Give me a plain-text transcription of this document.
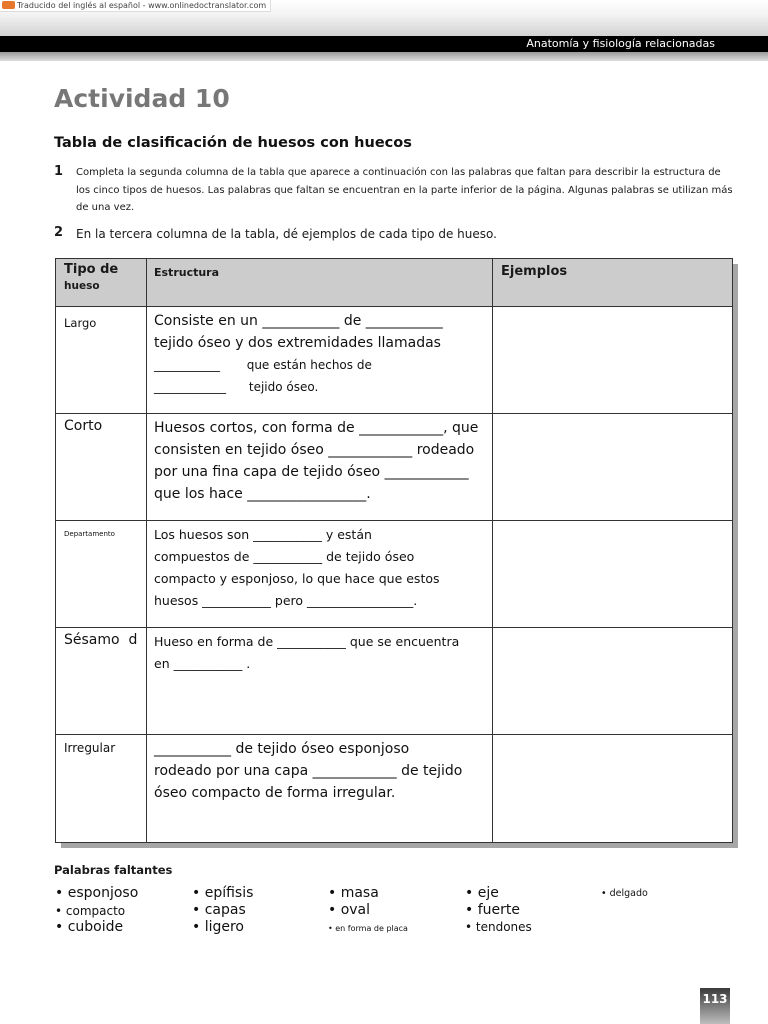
Traducido del inglés al español - www.onlinedoctranslator.com
Anatomía y fisiología relacionadas
Actividad 10
Tabla de clasificación de huesos con huecos
1 Completa la segunda columna de la tabla que aparece a continuación con las palabras que faltan para describir la estructura de los cinco tipos de huesos. Las palabras que faltan se encuentran en la parte inferior de la página. Algunas palabras se utilizan más de una vez.
2 En la tercera columna de la tabla, dé ejemplos de cada tipo de hueso.
Tipo de
hueso	Estructura	Ejemplos

Largo	Consiste en un ___________ de ___________
tejido óseo y dos extremidades llamadas
___________       que están hechos de
____________      tejido óseo.	

Corto	Huesos cortos, con forma de ____________, que
consisten en tejido óseo ____________ rodeado
por una fina capa de tejido óseo ____________
que los hace _________________.	

Departamento	Los huesos son ___________ y están
compuestos de ___________ de tejido óseo
compacto y esponjoso, lo que hace que estos
huesos ___________ pero _________________.	

Sésamo  d	Hueso en forma de ___________ que se encuentra
en ___________ .	

Irregular	___________ de tejido óseo esponjoso
rodeado por una capa ____________ de tejido
óseo compacto de forma irregular.	

Palabras faltantes
• esponjoso
• compacto
• cuboide
• epífisis
• capas
• ligero
• masa
• oval
• en forma de placa
• eje
• fuerte
• tendones
• delgado
113
